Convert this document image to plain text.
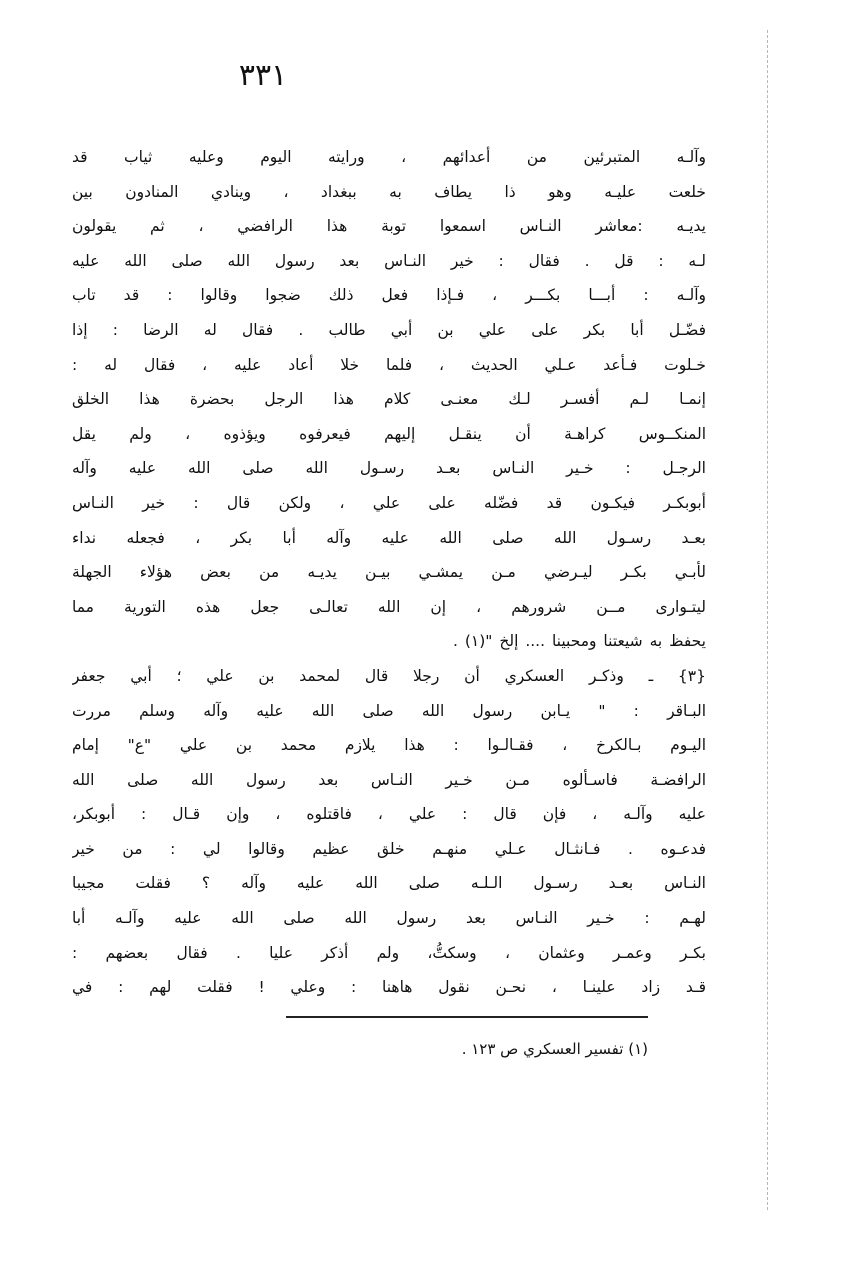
٣٣١
وآلـه المتبرئين من أعدائهم ، ورايته اليوم وعليه ثياب قد
خلعت عليـه وهو ذا يطاف به ببغداد ، وينادي المنادون بين
يديـه :معاشر النـاس اسمعوا توبة هذا الرافضي ، ثم يقولون
لـه : قل . فقال : خير النـاس بعد رسول الله صلى الله عليه
وآلـه : أبـــا بكـــر ، فـإذا فعل ذلك ضجوا وقالوا : قد تاب
فضّـل أبا بكر على علي بن أبي طالب . فقال له الرضا : إذا
خـلوت فـأعد عـلي الحديث ، فلما خلا أعاد عليه ، فقال له :
إنمـا لـم أفسـر لـك معنـى كلام هذا الرجل بحضرة هذا الخلق
المنكــوس كراهـة أن ينقـل إليهم فيعرفوه ويؤذوه ، ولم يقل
الرجـل : خـير النـاس بعـد رسـول الله صلى الله عليه وآله
أبوبكـر فيكـون قد فضّله على علي ، ولكن قال : خير النـاس
بعـد رسـول الله صلى الله عليه وآله أبا بكر ، فجعله نداء
لأبـي بكـر ليـرضي مـن يمشـي بيـن يديـه من بعض هؤلاء الجهلة
ليتـوارى مــن شرورهم ، إن الله تعالـى جعل هذه التورية مما
يحفظ به شيعتنا ومحبينا .... إلخ "(١) .
{٣} ـ وذكـر العسكري أن رجلا قال لمحمد بن علي ؛ أبي جعفر
البـاقر : " يـابن رسول الله صلى الله عليه وآله وسلم مررت
اليـوم بـالكرخ ، فقـالـوا : هذا يلازم محمد بن علي "ع" إمام
الرافضـة فاسـألوه مـن خـير النـاس بعد رسول الله صلى الله
عليه وآلـه ، فإن قال : علي ، فاقتلوه ، وإن قـال : أبوبكر،
فدعـوه . فـانثـال عـلي منهـم خلق عظيم وقالوا لي : من خير
النـاس بعـد رسـول الـلـه صلى الله عليه وآله ؟ فقلت مجيبا
لهـم : خـير النـاس بعد رسول الله صلى الله عليه وآلـه أبا
بكـر وعمـر وعثمان ، وسكتُّ، ولم أذكر عليا . فقال بعضهم :
قـد زاد علينـا ، نحـن نقول هاهنا : وعلي ! فقلت لهم : في
(١) تفسير العسكري ص ١٢٣ .
